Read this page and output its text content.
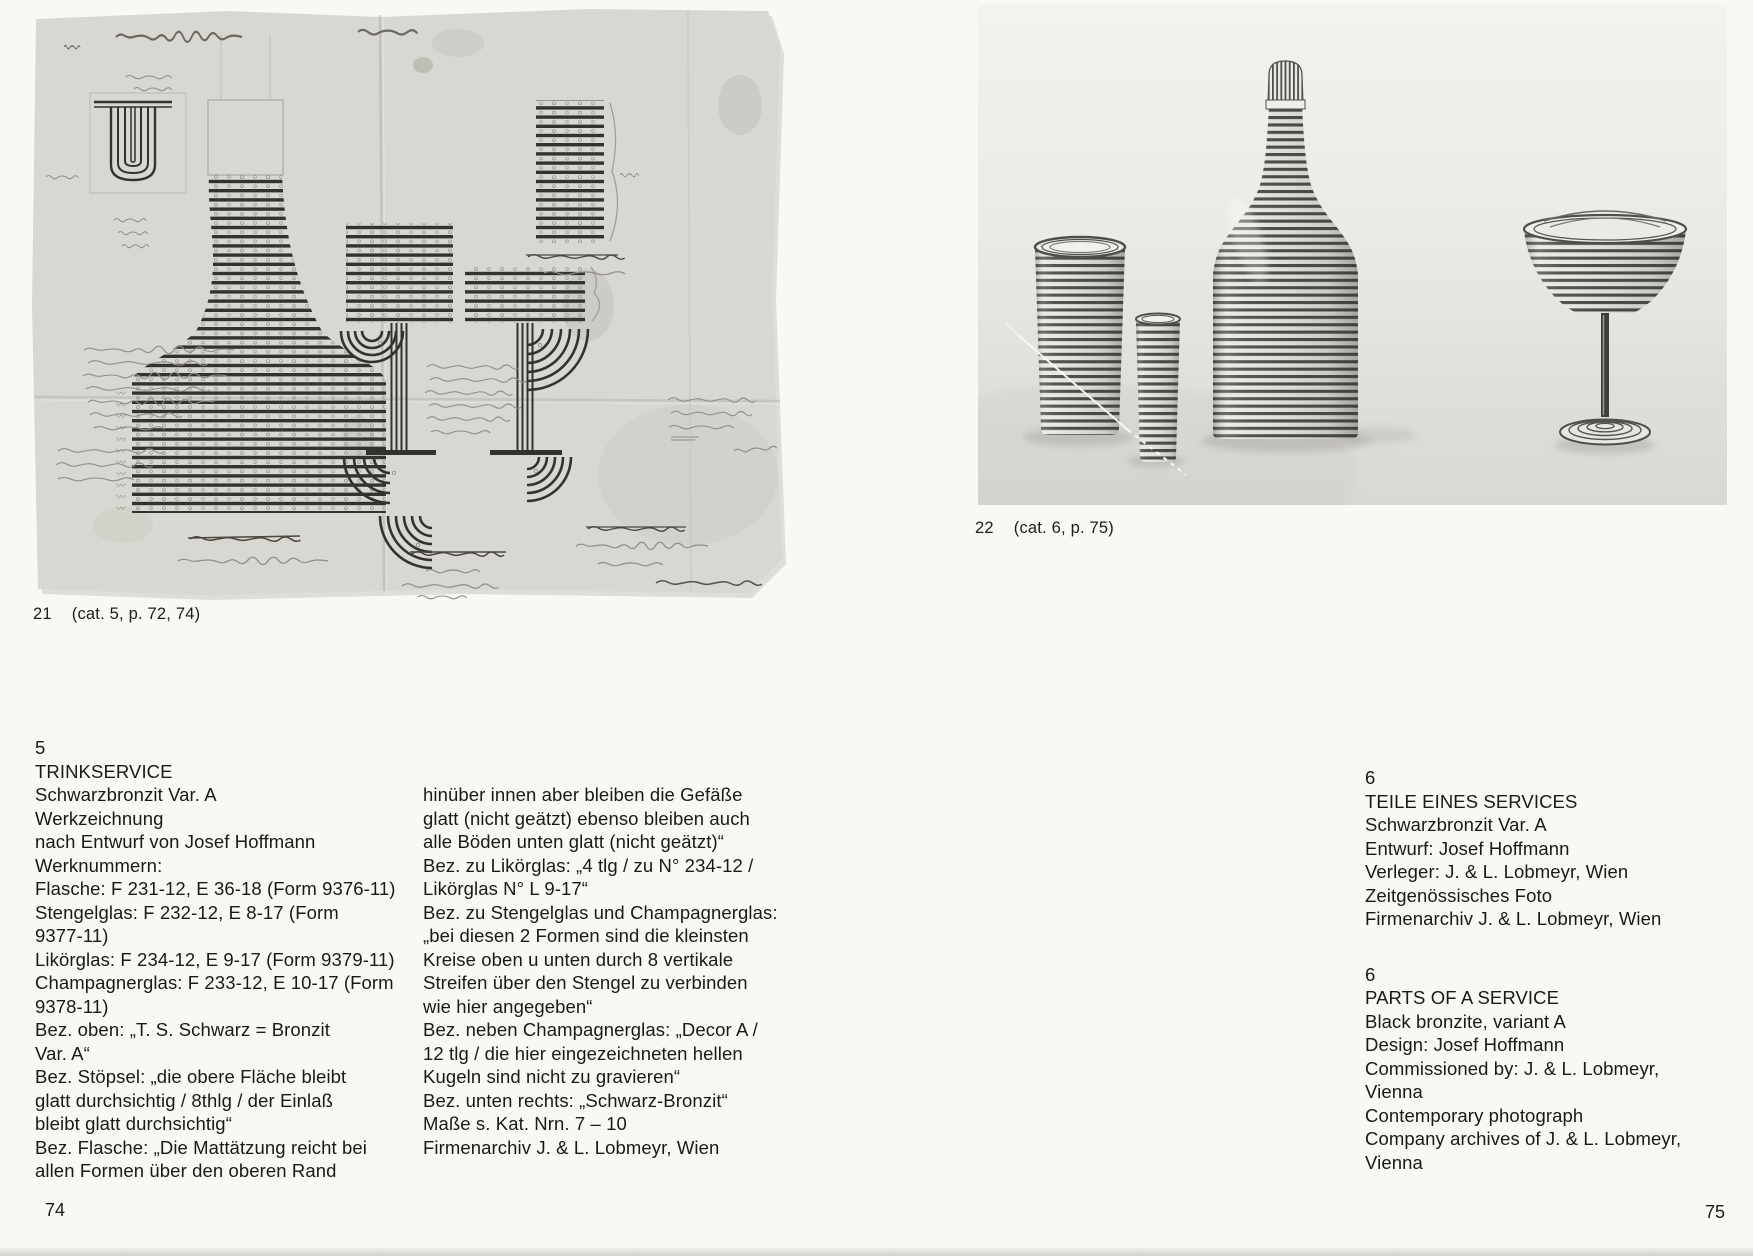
21 (cat. 5, p. 72, 74)
5
TRINKSERVICE
Schwarzbronzit Var. A
Werkzeichnung
nach Entwurf von Josef Hoffmann
Werknummern:
Flasche: F 231-12, E 36-18 (Form 9376-11)
Stengelglas: F 232-12, E 8-17 (Form
9377-11)
Likörglas: F 234-12, E 9-17 (Form 9379-11)
Champagnerglas: F 233-12, E 10-17 (Form
9378-11)
Bez. oben: „T. S. Schwarz = Bronzit
Var. A“
Bez. Stöpsel: „die obere Fläche bleibt
glatt durchsichtig / 8thlg / der Einlaß
bleibt glatt durchsichtig“
Bez. Flasche: „Die Mattätzung reicht bei
allen Formen über den oberen Rand
hinüber innen aber bleiben die Gefäße
glatt (nicht geätzt) ebenso bleiben auch
alle Böden unten glatt (nicht geätzt)“
Bez. zu Likörglas: „4 tlg / zu N° 234-12 /
Likörglas N° L 9-17“
Bez. zu Stengelglas und Champagnerglas:
„bei diesen 2 Formen sind die kleinsten
Kreise oben u unten durch 8 vertikale
Streifen über den Stengel zu verbinden
wie hier angegeben“
Bez. neben Champagnerglas: „Decor A /
12 tlg / die hier eingezeichneten hellen
Kugeln sind nicht zu gravieren“
Bez. unten rechts: „Schwarz-Bronzit“
Maße s. Kat. Nrn. 7 – 10
Firmenarchiv J. & L. Lobmeyr, Wien
74
22 (cat. 6, p. 75)
6
TEILE EINES SERVICES
Schwarzbronzit Var. A
Entwurf: Josef Hoffmann
Verleger: J. & L. Lobmeyr, Wien
Zeitgenössisches Foto
Firmenarchiv J. & L. Lobmeyr, Wien
6
PARTS OF A SERVICE
Black bronzite, variant A
Design: Josef Hoffmann
Commissioned by: J. & L. Lobmeyr,
Vienna
Contemporary photograph
Company archives of J. & L. Lobmeyr,
Vienna
75
